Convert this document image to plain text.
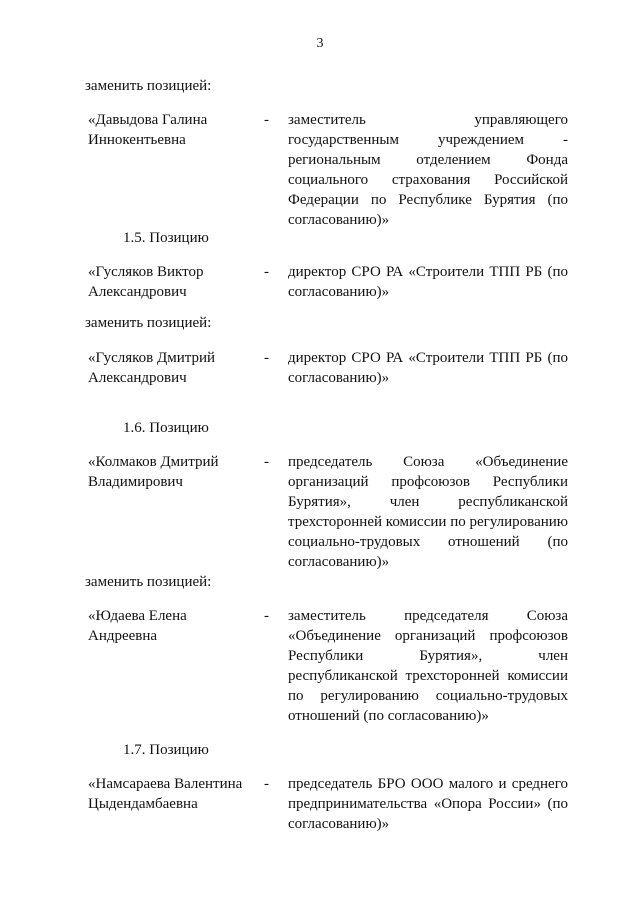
3
заменить позицией:
«Давыдова Галина Иннокентьевна
- заместитель управляющего государственным учреждением - региональным отделением Фонда социального страхования Российской Федерации по Республике Бурятия (по согласованию)»
1.5. Позицию
«Гусляков Виктор Александрович
- директор СРО РА «Строители ТПП РБ (по согласованию)»
заменить позицией:
«Гусляков Дмитрий Александрович
- директор СРО РА «Строители ТПП РБ (по согласованию)»
1.6. Позицию
«Колмаков Дмитрий Владимирович
- председатель Союза «Объединение организаций профсоюзов Республики Бурятия», член республиканской трехсторонней комиссии по регулированию социально-трудовых отношений (по согласованию)»
заменить позицией:
«Юдаева Елена Андреевна
- заместитель председателя Союза «Объединение организаций профсоюзов Республики Бурятия», член республиканской трехсторонней комиссии по регулированию социально-трудовых отношений (по согласованию)»
1.7. Позицию
«Намсараева Валентина Цыдендамбаевна
- председатель БРО ООО малого и среднего предпринимательства «Опора России» (по согласованию)»
